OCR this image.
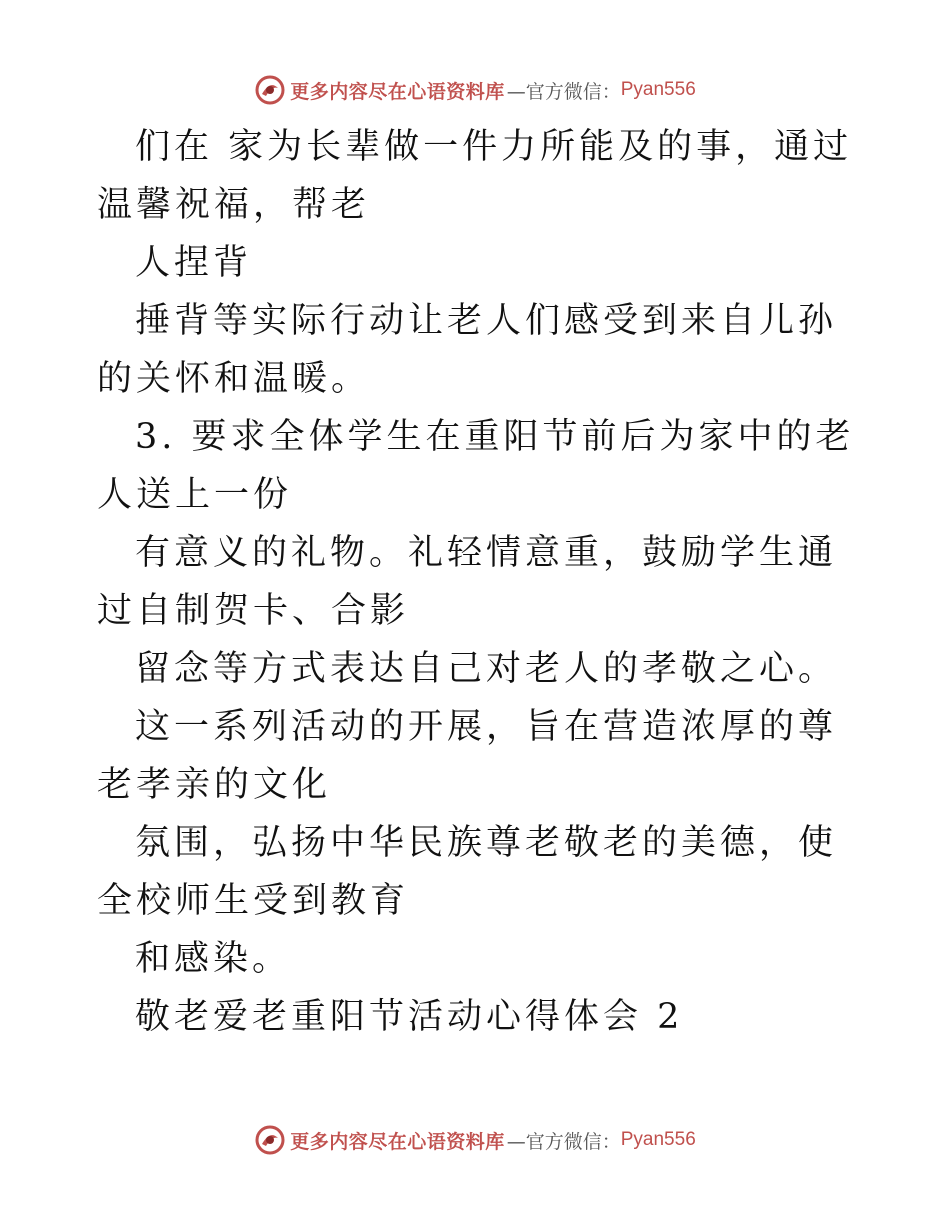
更多内容尽在心语资料库 —官方微信： Pyan556

们在 家为长辈做一件力所能及的事，通过温馨祝福，帮老

人捏背

捶背等实际行动让老人们感受到来自儿孙的关怀和温暖。

3. 要求全体学生在重阳节前后为家中的老人送上一份

有意义的礼物。礼轻情意重，鼓励学生通过自制贺卡、合影

留念等方式表达自己对老人的孝敬之心。

这一系列活动的开展，旨在营造浓厚的尊老孝亲的文化

氛围，弘扬中华民族尊老敬老的美德，使全校师生受到教育

和感染。

敬老爱老重阳节活动心得体会 2

更多内容尽在心语资料库 —官方微信： Pyan556
